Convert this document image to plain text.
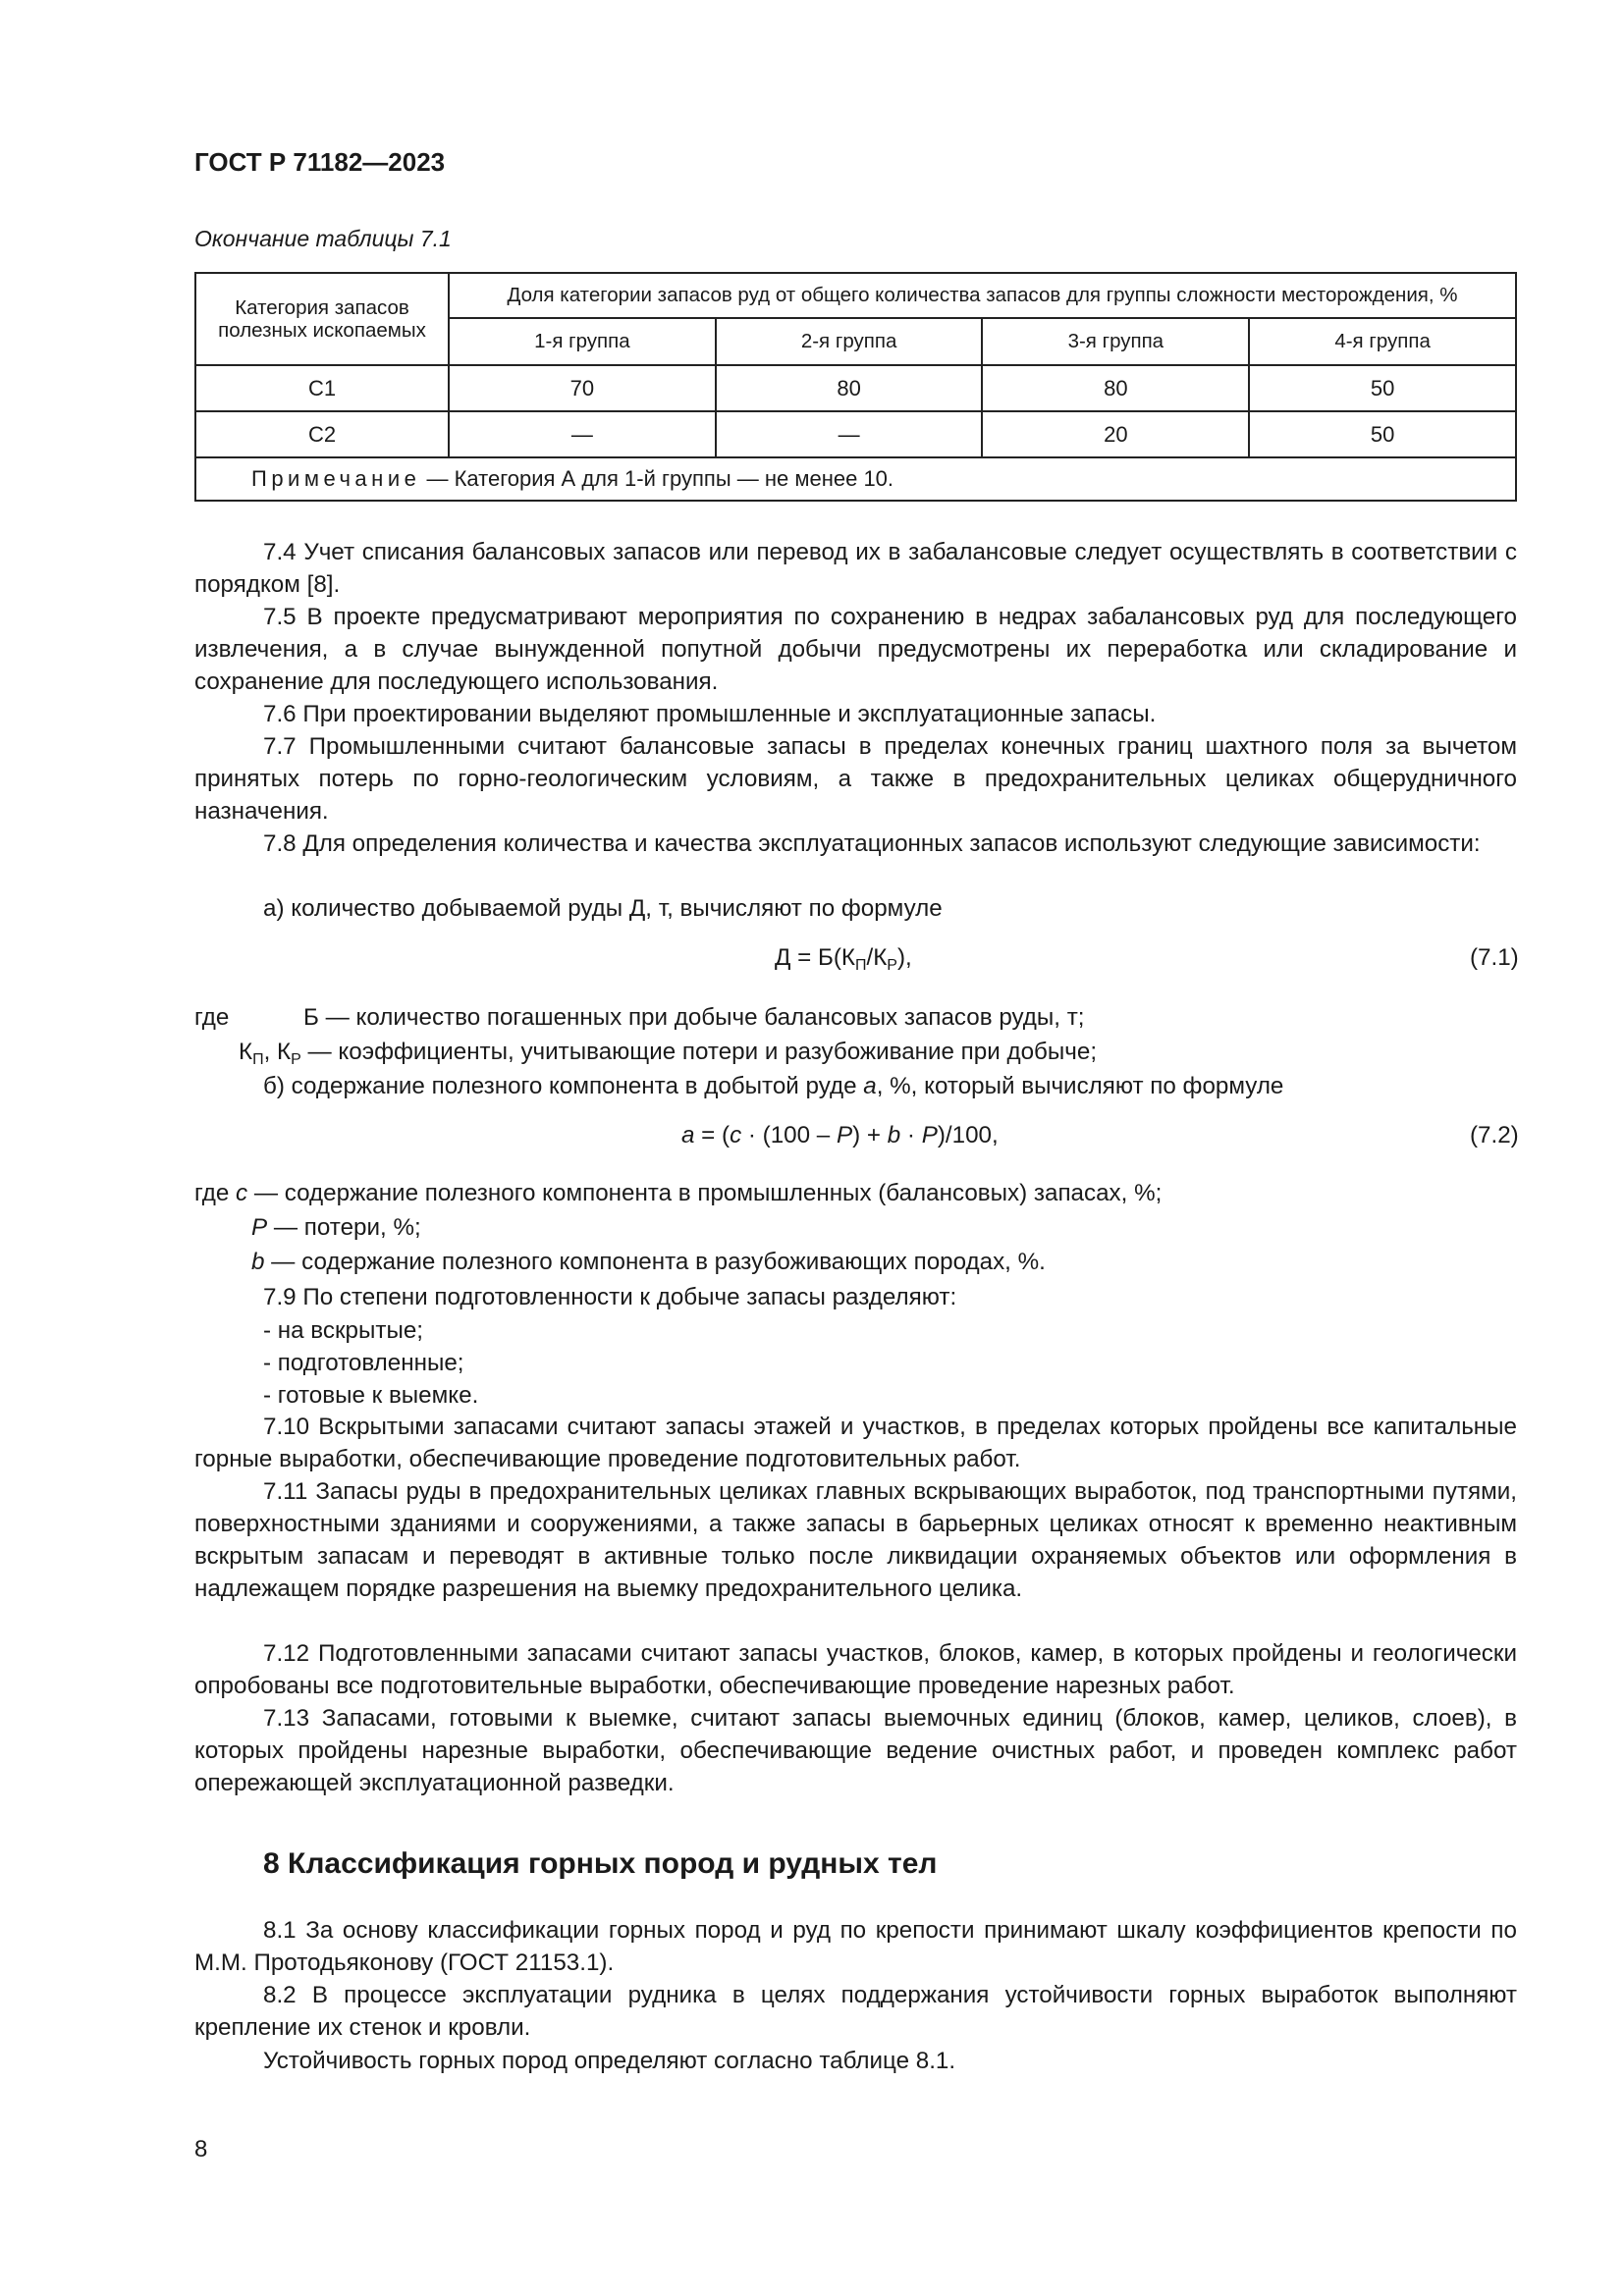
ГОСТ Р 71182—2023
Окончание таблицы 7.1
Категория запасов полезных ископаемых	Доля категории запасов руд от общего количества запасов для группы сложности месторождения, %			
	1-я группа	2-я группа	3-я группа	4-я группа
С1	70	80	80	50
С2	—	—	20	50
Примечание — Категория А для 1-й группы — не менее 10.				
7.4 Учет списания балансовых запасов или перевод их в забалансовые следует осуществлять в соответствии с порядком [8].
7.5 В проекте предусматривают мероприятия по сохранению в недрах забалансовых руд для последующего извлечения, а в случае вынужденной попутной добычи предусмотрены их переработка или складирование и сохранение для последующего использования.
7.6 При проектировании выделяют промышленные и эксплуатационные запасы.
7.7 Промышленными считают балансовые запасы в пределах конечных границ шахтного поля за вычетом принятых потерь по горно-геологическим условиям, а также в предохранительных целиках общерудничного назначения.
7.8 Для определения количества и качества эксплуатационных запасов используют следующие зависимости:
а) количество добываемой руды Д, т, вычисляют по формуле
$Д = Б(К_П/К_Р)$,	(7.1)
где	Б — количество погашенных при добыче балансовых запасов руды, т;
$К_П$, $К_Р$ — коэффициенты, учитывающие потери и разубоживание при добыче;
б) содержание полезного компонента в добытой руде a, %, который вычисляют по формуле
a = (c · (100 – P) + b · P)/100,	(7.2)
где c — содержание полезного компонента в промышленных (балансовых) запасах, %;
P — потери, %;
b — содержание полезного компонента в разубоживающих породах, %.
7.9 По степени подготовленности к добыче запасы разделяют:
- на вскрытые;
- подготовленные;
- готовые к выемке.
7.10 Вскрытыми запасами считают запасы этажей и участков, в пределах которых пройдены все капитальные горные выработки, обеспечивающие проведение подготовительных работ.
7.11 Запасы руды в предохранительных целиках главных вскрывающих выработок, под транспортными путями, поверхностными зданиями и сооружениями, а также запасы в барьерных целиках относят к временно неактивным вскрытым запасам и переводят в активные только после ликвидации охраняемых объектов или оформления в надлежащем порядке разрешения на выемку предохранительного целика.
7.12 Подготовленными запасами считают запасы участков, блоков, камер, в которых пройдены и геологически опробованы все подготовительные выработки, обеспечивающие проведение нарезных работ.
7.13 Запасами, готовыми к выемке, считают запасы выемочных единиц (блоков, камер, целиков, слоев), в которых пройдены нарезные выработки, обеспечивающие ведение очистных работ, и проведен комплекс работ опережающей эксплуатационной разведки.
8 Классификация горных пород и рудных тел
8.1 За основу классификации горных пород и руд по крепости принимают шкалу коэффициентов крепости по М.М. Протодьяконову (ГОСТ 21153.1).
8.2 В процессе эксплуатации рудника в целях поддержания устойчивости горных выработок выполняют крепление их стенок и кровли.
Устойчивость горных пород определяют согласно таблице 8.1.
8
